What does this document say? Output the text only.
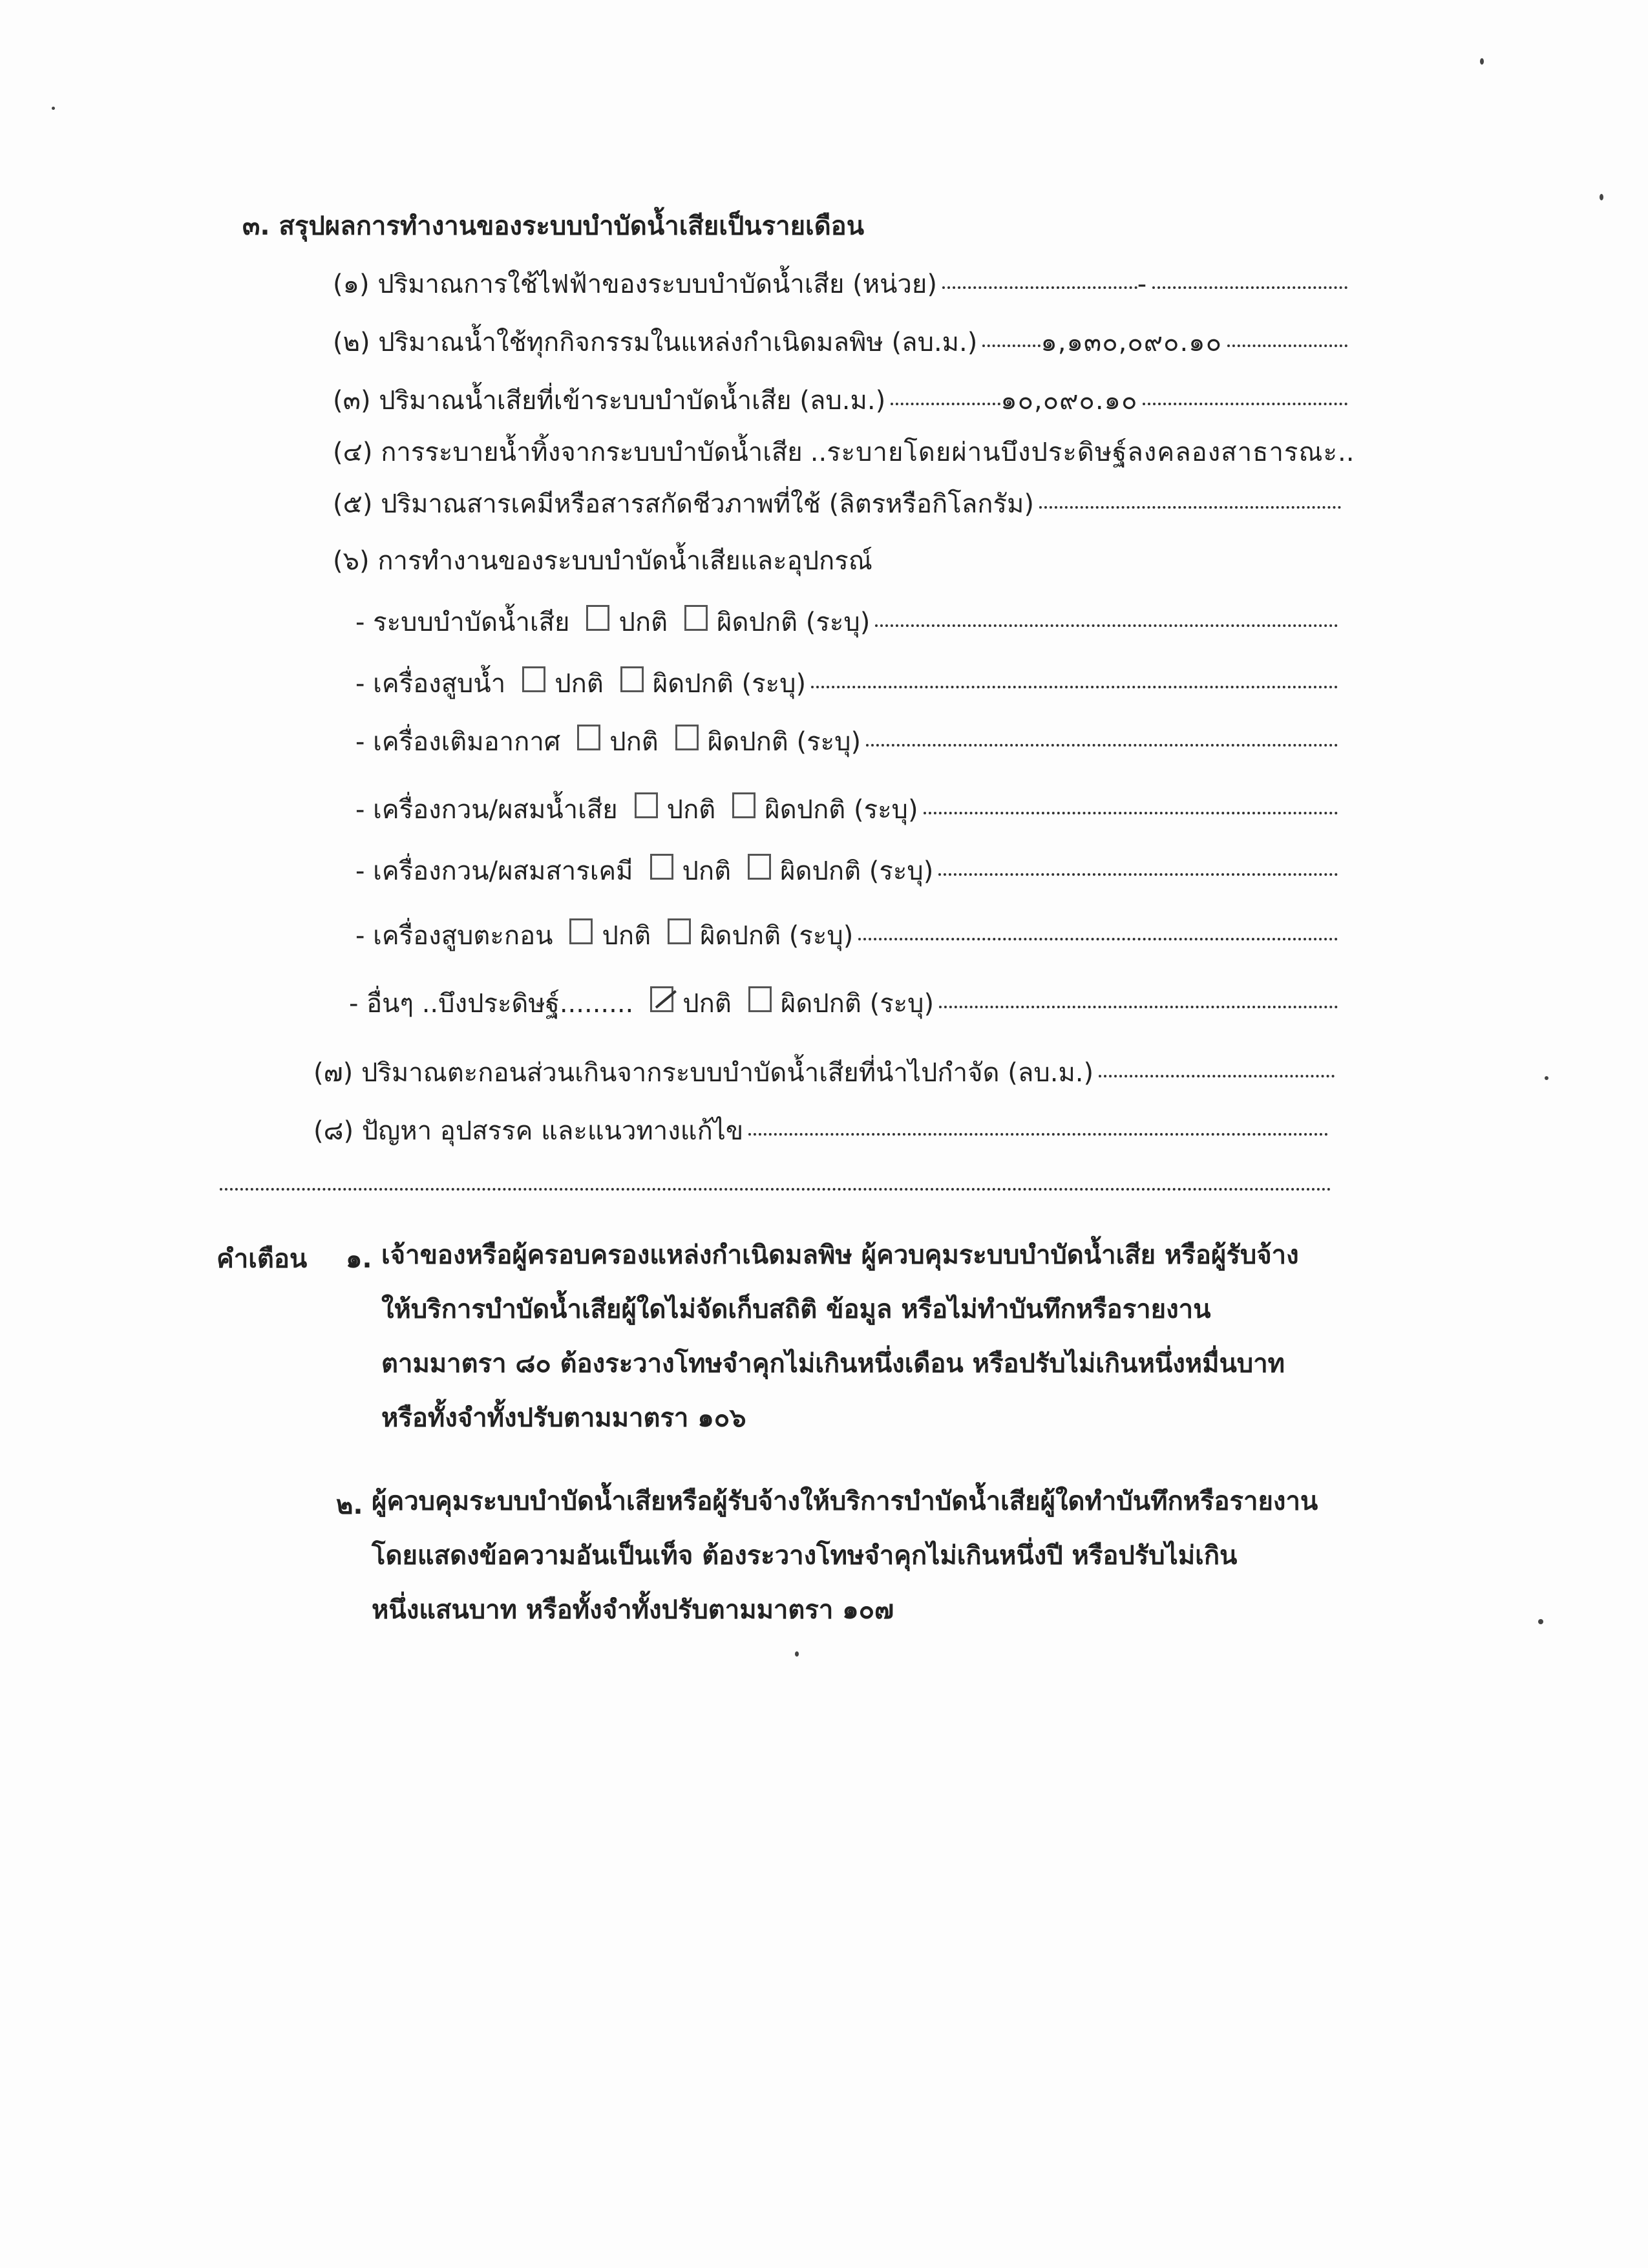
๓. สรุปผลการทำงานของระบบบำบัดน้ำเสียเป็นรายเดือน
(๑) ปริมาณการใช้ไฟฟ้าของระบบบำบัดน้ำเสีย (หน่วย)	-
(๒) ปริมาณน้ำใช้ทุกกิจกรรมในแหล่งกำเนิดมลพิษ (ลบ.ม.) ๑,๑๓๐,๐๙๐.๑๐
(๓) ปริมาณน้ำเสียที่เข้าระบบบำบัดน้ำเสีย (ลบ.ม.)	๑๐,๐๙๐.๑๐
(๔) การระบายน้ำทิ้งจากระบบบำบัดน้ำเสีย .. ระบายโดยผ่านบึงประดิษฐ์ลงคลองสาธารณะ ..
(๕) ปริมาณสารเคมีหรือสารสกัดชีวภาพที่ใช้ (ลิตรหรือกิโลกรัม)
(๖) การทำงานของระบบบำบัดน้ำเสียและอุปกรณ์
- ระบบบำบัดน้ำเสีย ปกติ ผิดปกติ (ระบุ)
- เครื่องสูบน้ำ ปกติ ผิดปกติ (ระบุ)
- เครื่องเติมอากาศ ปกติ ผิดปกติ (ระบุ)
- เครื่องกวน/ผสมน้ำเสีย ปกติ ผิดปกติ (ระบุ)
- เครื่องกวน/ผสมสารเคมี ปกติ ผิดปกติ (ระบุ)
- เครื่องสูบตะกอน ปกติ ผิดปกติ (ระบุ)
- อื่นๆ ..บึงประดิษฐ์......... ปกติ ผิดปกติ (ระบุ)
(๗) ปริมาณตะกอนส่วนเกินจากระบบบำบัดน้ำเสียที่นำไปกำจัด (ลบ.ม.)
(๘) ปัญหา อุปสรรค และแนวทางแก้ไข
คำเตือน ๑. เจ้าของหรือผู้ครอบครองแหล่งกำเนิดมลพิษ ผู้ควบคุมระบบบำบัดน้ำเสีย หรือผู้รับจ้าง
ให้บริการบำบัดน้ำเสียผู้ใดไม่จัดเก็บสถิติ ข้อมูล หรือไม่ทำบันทึกหรือรายงาน
ตามมาตรา ๘๐ ต้องระวางโทษจำคุกไม่เกินหนึ่งเดือน หรือปรับไม่เกินหนึ่งหมื่นบาท
หรือทั้งจำทั้งปรับตามมาตรา ๑๐๖
๒. ผู้ควบคุมระบบบำบัดน้ำเสียหรือผู้รับจ้างให้บริการบำบัดน้ำเสียผู้ใดทำบันทึกหรือรายงาน
โดยแสดงข้อความอันเป็นเท็จ ต้องระวางโทษจำคุกไม่เกินหนึ่งปี หรือปรับไม่เกิน
หนึ่งแสนบาท หรือทั้งจำทั้งปรับตามมาตรา ๑๐๗
